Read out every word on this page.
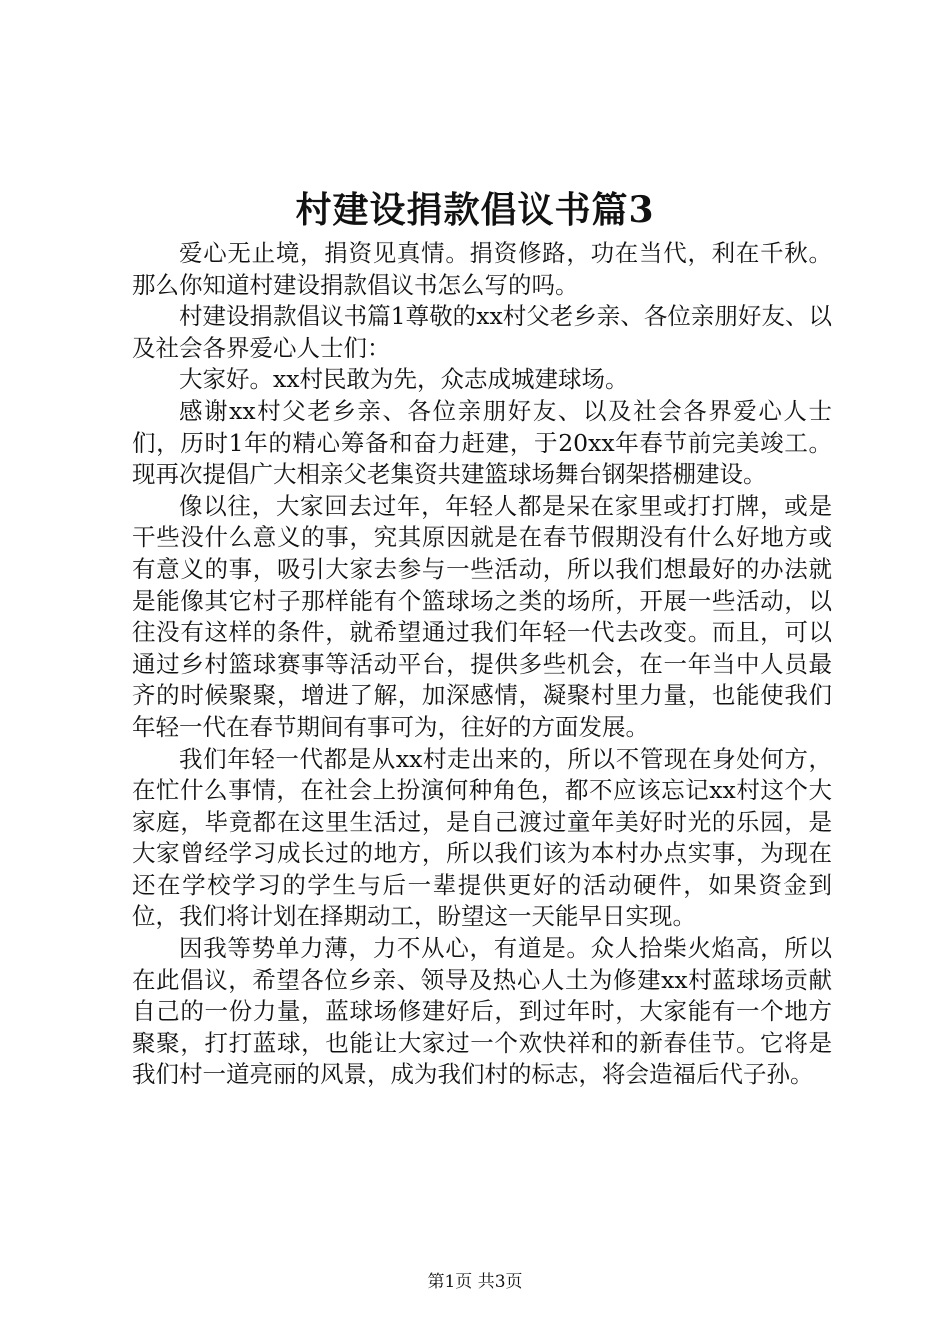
村建设捐款倡议书篇3

爱心无止境，捐资见真情。捐资修路，功在当代，利在千秋。那么你知道村建设捐款倡议书怎么写的吗。

村建设捐款倡议书篇1尊敬的xx村父老乡亲、各位亲朋好友、以及社会各界爱心人士们：

大家好。xx村民敢为先，众志成城建球场。

感谢xx村父老乡亲、各位亲朋好友、以及社会各界爱心人士们，历时1年的精心筹备和奋力赶建，于20xx年春节前完美竣工。现再次提倡广大相亲父老集资共建篮球场舞台钢架搭棚建设。

像以往，大家回去过年，年轻人都是呆在家里或打打牌，或是干些没什么意义的事，究其原因就是在春节假期没有什么好地方或有意义的事，吸引大家去参与一些活动，所以我们想最好的办法就是能像其它村子那样能有个篮球场之类的场所，开展一些活动，以往没有这样的条件，就希望通过我们年轻一代去改变。而且，可以通过乡村篮球赛事等活动平台，提供多些机会，在一年当中人员最齐的时候聚聚，增进了解，加深感情，凝聚村里力量，也能使我们年轻一代在春节期间有事可为，往好的方面发展。

我们年轻一代都是从xx村走出来的，所以不管现在身处何方，在忙什么事情，在社会上扮演何种角色，都不应该忘记xx村这个大家庭，毕竟都在这里生活过，是自己渡过童年美好时光的乐园，是大家曾经学习成长过的地方，所以我们该为本村办点实事，为现在还在学校学习的学生与后一辈提供更好的活动硬件，如果资金到位，我们将计划在择期动工，盼望这一天能早日实现。

因我等势单力薄，力不从心，有道是。众人拾柴火焰高，所以在此倡议，希望各位乡亲、领导及热心人土为修建xx村蓝球场贡献自己的一份力量，蓝球场修建好后，到过年时，大家能有一个地方聚聚，打打蓝球，也能让大家过一个欢快祥和的新春佳节。它将是我们村一道亮丽的风景，成为我们村的标志，将会造福后代子孙。

第1页 共3页
